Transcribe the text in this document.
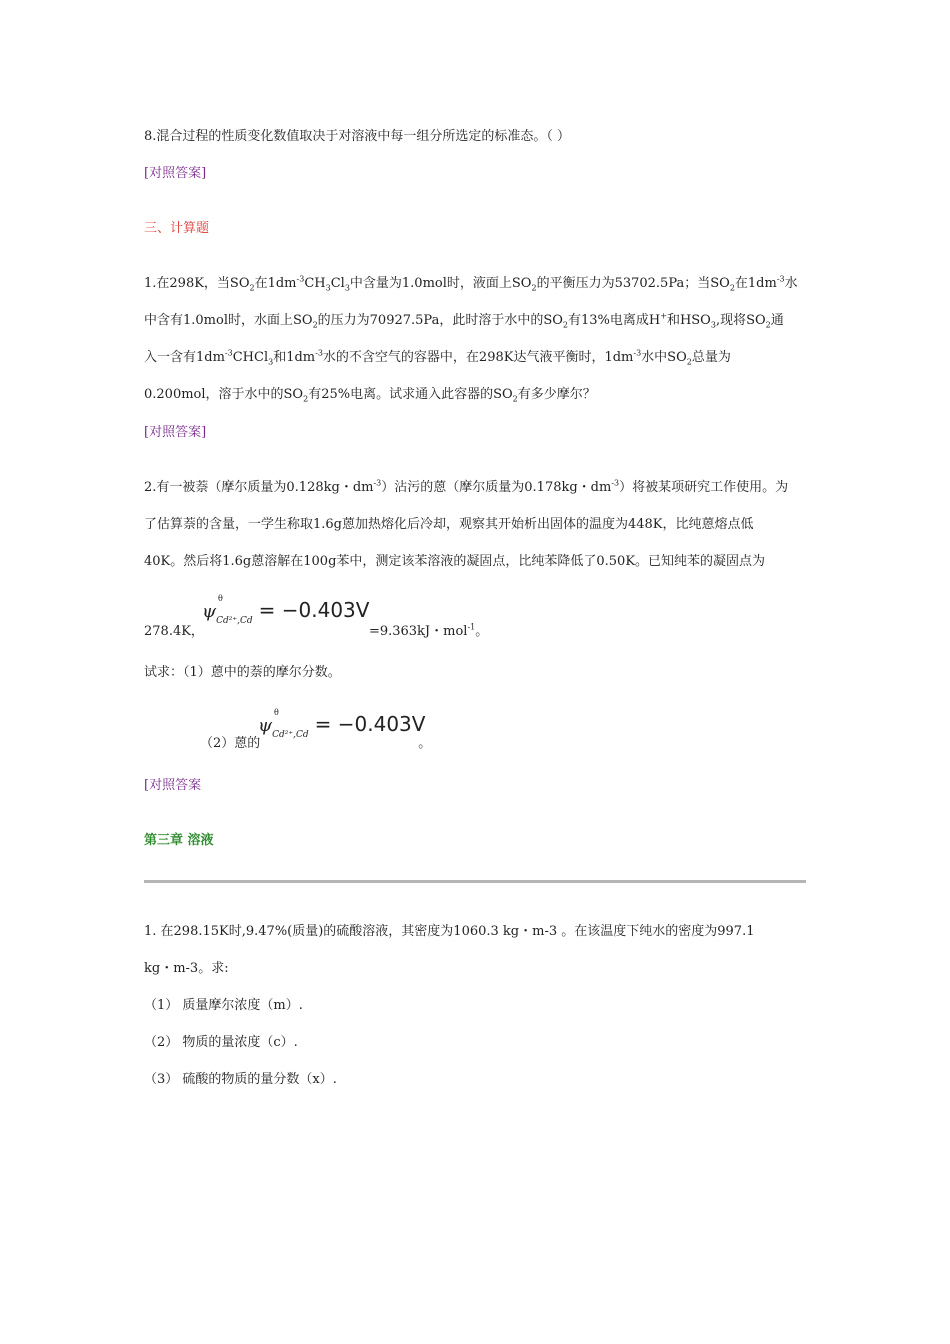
8.混合过程的性质变化数值取决于对溶液中每一组分所选定的标准态。（ ）
[对照答案]
三、计算题
1.在298K，当$SO_2$在$1dm^{-3}CH_3Cl_3$中含量为1.0mol时，液面上$SO_2$的平衡压力为53702.5Pa；当$SO_2$在$1dm^{-3}$水
中含有1.0mol时，水面上$SO_2$的压力为70927.5Pa，此时溶于水中的$SO_2$有13%电离成H+和$HSO_3$,现将$SO_2$通
入一含有$1dm^{-3}CHCl_3$和$1dm^{-3}$水的不含空气的容器中，在298K达气液平衡时，$1dm^{-3}$水中$SO_2$总量为
0.200mol，溶于水中的$SO_2$有25%电离。试求通入此容器的$SO_2$有多少摩尔？
[对照答案]
2.有一被萘（摩尔质量为0.128kg・$dm^{-3}$）沾污的蒽（摩尔质量为0.178kg・$dm^{-3}$）将被某项研究工作使用。为
了估算萘的含量，一学生称取1.6g蒽加热熔化后冷却，观察其开始析出固体的温度为448K，比纯蒽熔点低
40K。然后将1.6g蒽溶解在100g苯中，测定该苯溶液的凝固点，比纯苯降低了0.50K。已知纯苯的凝固点为
278.4K，	=9.363kJ・mol$^{-1}$。
ψ
θ
$_{Cd^{2+},Cd}$ = −0.403V
试求：（1）蒽中的萘的摩尔分数。
（2）蒽的	。
ψ
θ
$_{Cd^{2+},Cd}$ = −0.403V
[对照答案
第三章 溶液
1. 在298.15K时,9.47%(质量)的硫酸溶液，其密度为1060.3 kg・m-3 。在该温度下纯水的密度为997.1
kg・m-3。求:
（1） 质量摩尔浓度（m）.
（2） 物质的量浓度（c）.
（3） 硫酸的物质的量分数（x）.
